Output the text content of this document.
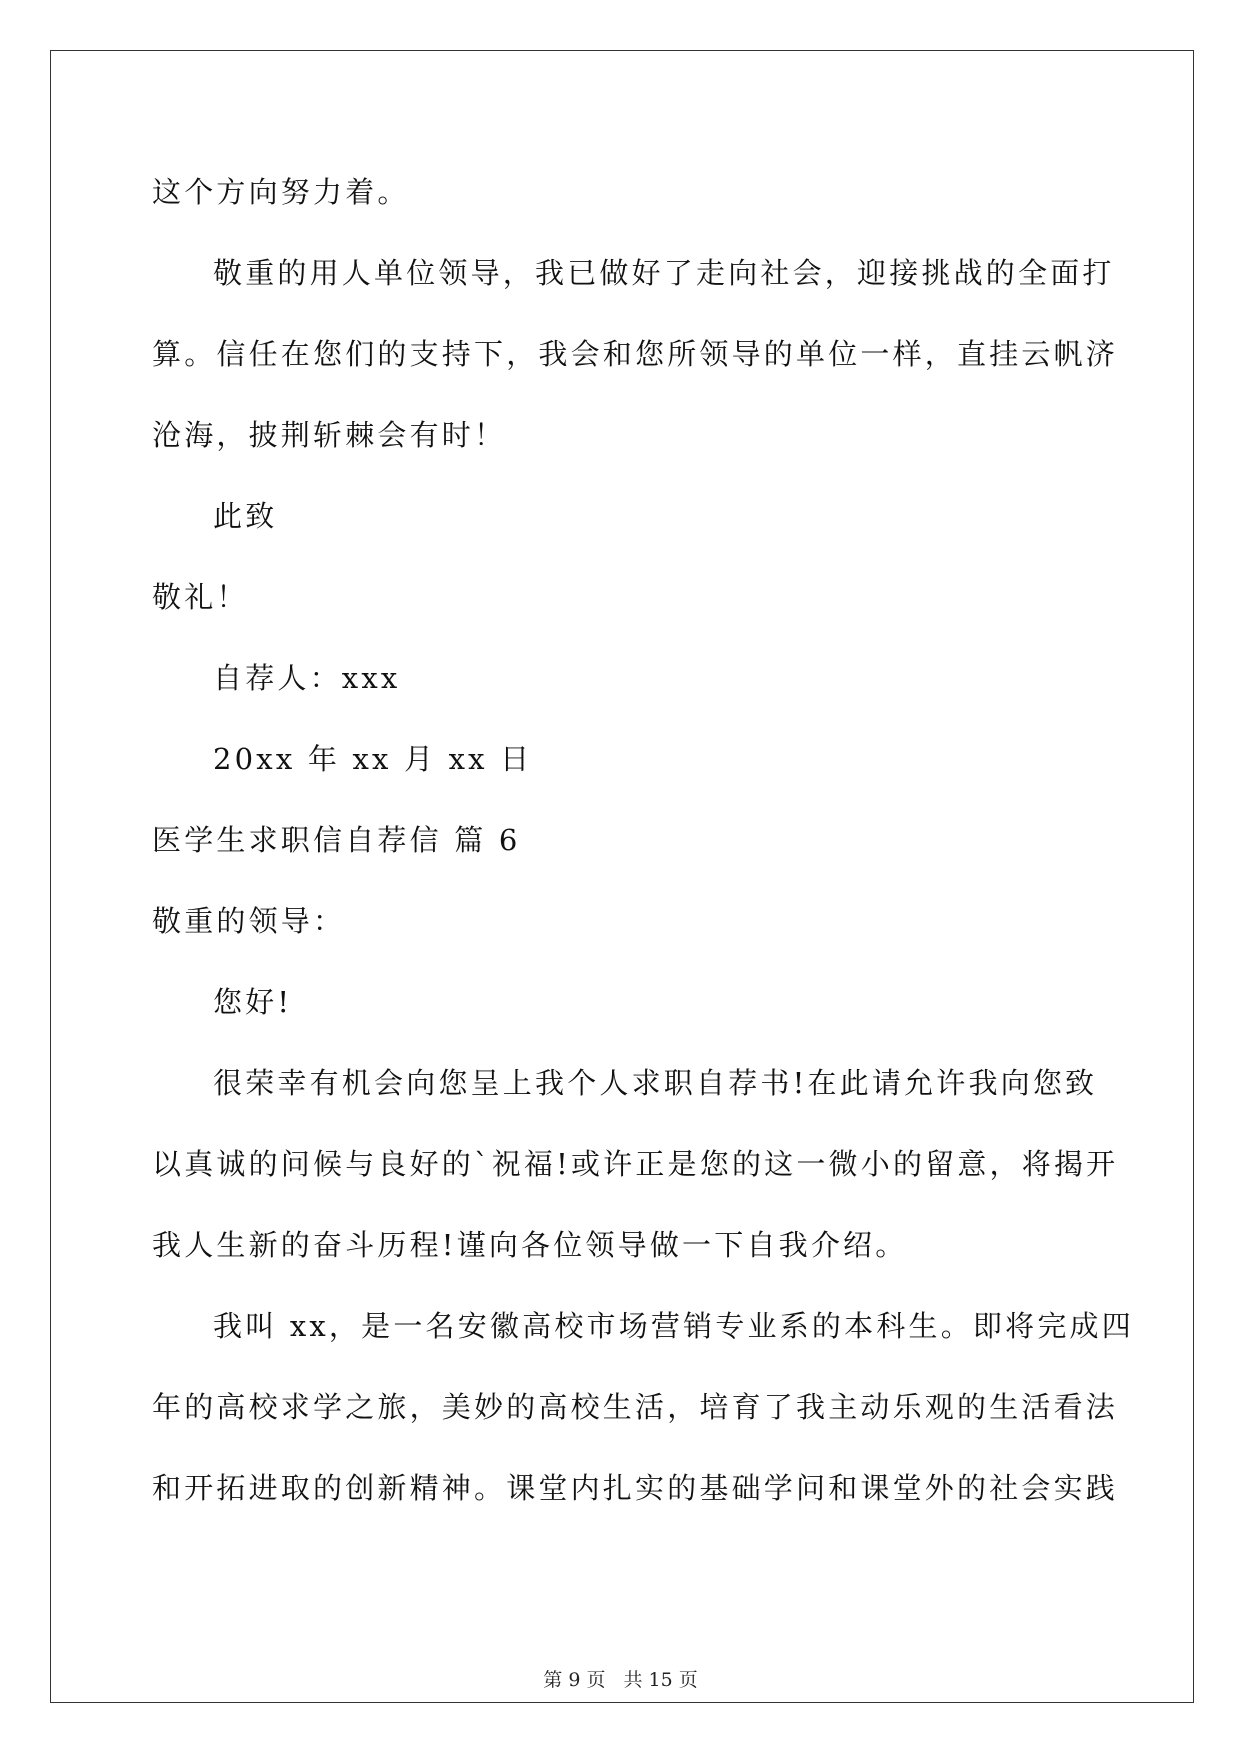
这个方向努力着。
敬重的用人单位领导，我已做好了走向社会，迎接挑战的全面打
算。信任在您们的支持下，我会和您所领导的单位一样，直挂云帆济
沧海，披荆斩棘会有时！
此致
敬礼！
自荐人：xxx
20xx 年 xx 月 xx 日
医学生求职信自荐信 篇 6
敬重的领导：
您好!
很荣幸有机会向您呈上我个人求职自荐书!在此请允许我向您致
以真诚的问候与良好的`祝福!或许正是您的这一微小的留意，将揭开
我人生新的奋斗历程!谨向各位领导做一下自我介绍。
我叫 xx，是一名安徽高校市场营销专业系的本科生。即将完成四
年的高校求学之旅，美妙的高校生活，培育了我主动乐观的生活看法
和开拓进取的创新精神。课堂内扎实的基础学问和课堂外的社会实践
第 9 页 共 15 页
